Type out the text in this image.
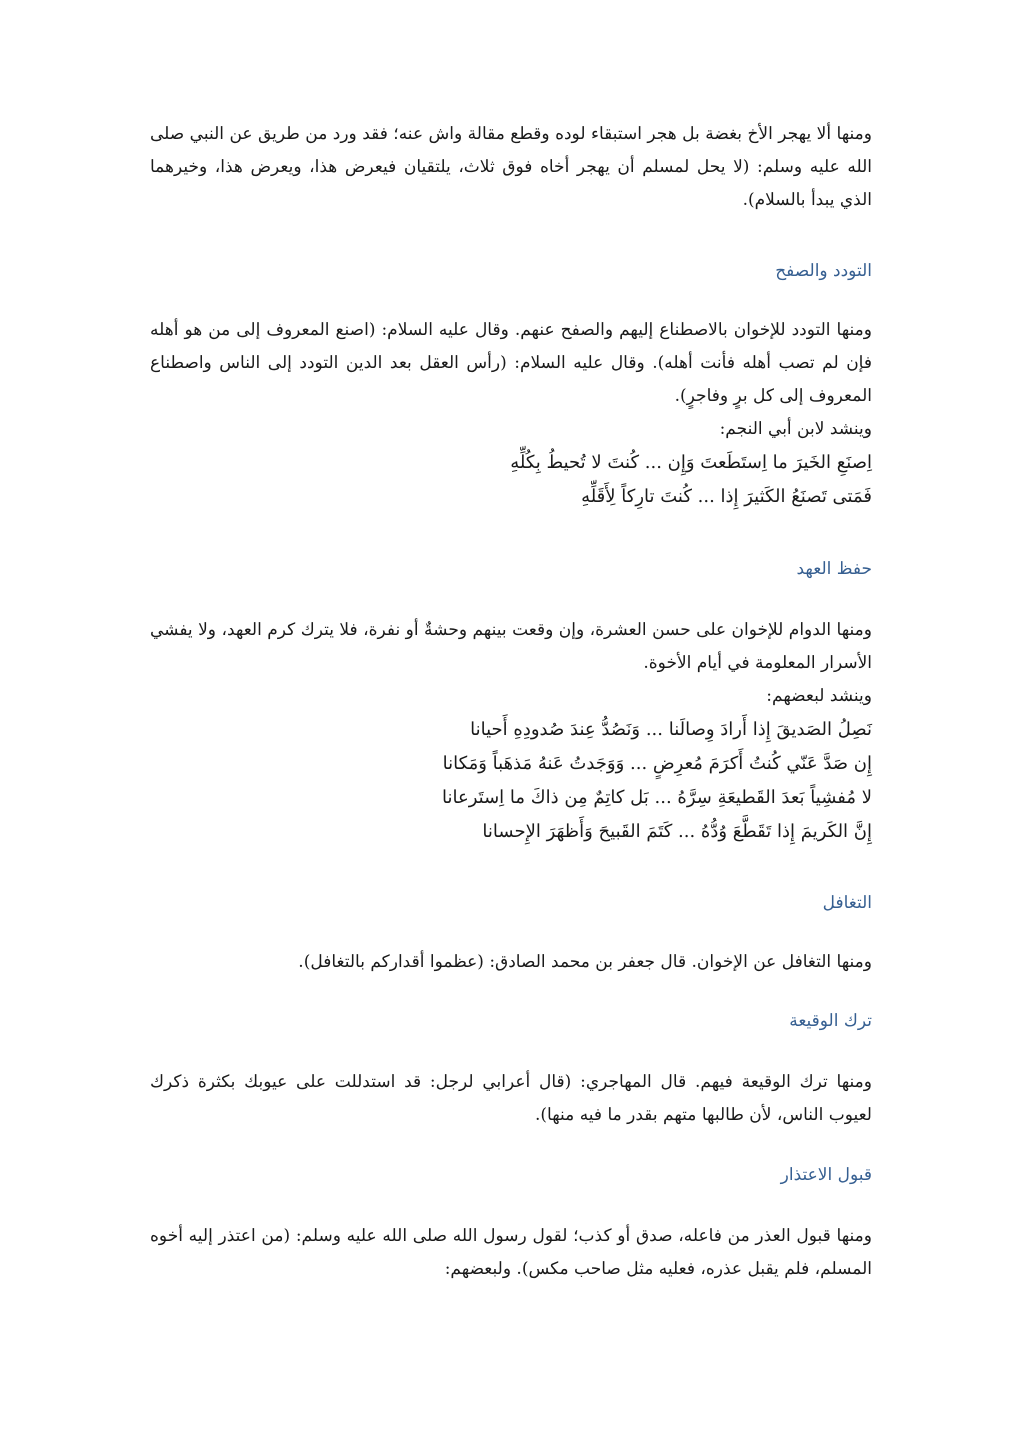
ومنها ألا يهجر الأخ بغضة بل هجر استبقاء لوده وقطع مقالة واش عنه؛ فقد ورد من طريق عن النبي صلى الله عليه وسلم: (لا يحل لمسلم أن يهجر أخاه فوق ثلاث، يلتقيان فيعرض هذا، ويعرض هذا، وخيرهما الذي يبدأ بالسلام).

التودد والصفح

ومنها التودد للإخوان بالاصطناع إليهم والصفح عنهم. وقال عليه السلام: (اصنع المعروف إلى من هو أهله فإن لم تصب أهله فأنت أهله). وقال عليه السلام: (رأس العقل بعد الدين التودد إلى الناس واصطناع المعروف إلى كل برٍ وفاجرٍ).

وينشد لابن أبي النجم:
اِصنَعِ الخَيرَ ما اِستَطَعتَ وَإِن ... كُنتَ لا تُحيطُ بِكُلِّهِ
فَمَتى تَصنَعُ الكَثيرَ إِذا ... كُنتَ تارِكاً لِأَقَلِّهِ
حفظ العهد

ومنها الدوام للإخوان على حسن العشرة، وإن وقعت بينهم وحشةٌ أو نفرة، فلا يترك كرم العهد، ولا يفشي الأسرار المعلومة في أيام الأخوة.

وينشد لبعضهم:
نَصِلُ الصَديقَ إِذا أَرادَ وِصالَنا ... وَنَصُدُّ عِندَ صُدودِهِ أَحيانا
إِن صَدَّ عَنّي كُنتُ أَكرَمَ مُعرِضٍ ... وَوَجَدتُ عَنهُ مَذهَباً وَمَكانا
لا مُفشِياً بَعدَ القَطيعَةِ سِرَّهُ ... بَل كاتِمٌ مِن ذاكَ ما اِستَرعانا
إِنَّ الكَريمَ إِذا تَقَطَّعَ وُدُّهُ ... كَتَمَ القَبيحَ وَأَظهَرَ الإِحسانا
التغافل

ومنها التغافل عن الإخوان. قال جعفر بن محمد الصادق: (عظموا أقداركم بالتغافل).

ترك الوقيعة

ومنها ترك الوقيعة فيهم. قال المهاجري: (قال أعرابي لرجل: قد استدللت على عيوبك بكثرة ذكرك لعيوب الناس، لأن طالبها متهم بقدر ما فيه منها).

قبول الاعتذار

ومنها قبول العذر من فاعله، صدق أو كذب؛ لقول رسول الله صلى الله عليه وسلم: (من اعتذر إليه أخوه المسلم، فلم يقبل عذره، فعليه مثل صاحب مكس). ولبعضهم:
